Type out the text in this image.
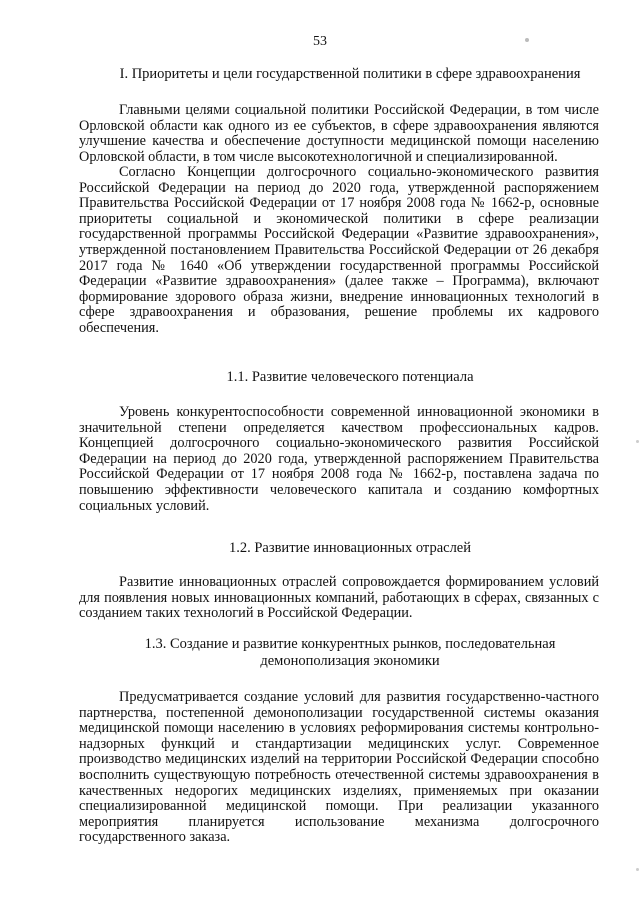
53
I. Приоритеты и цели государственной политики в сфере здравоохранения
Главными целями социальной политики Российской Федерации, в том числе Орловской области как одного из ее субъектов, в сфере здравоохранения являются улучшение качества и обеспечение доступности медицинской помощи населению Орловской области, в том числе высокотехнологичной и специализированной.
Согласно Концепции долгосрочного социально-экономического развития Российской Федерации на период до 2020 года, утвержденной распоряжением Правительства Российской Федерации от 17 ноября 2008 года № 1662-р, основные приоритеты социальной и экономической политики в сфере реализации государственной программы Российской Федерации «Развитие здравоохранения», утвержденной постановлением Правительства Российской Федерации от 26 декабря 2017 года № 1640 «Об утверждении государственной программы Российской Федерации «Развитие здравоохранения» (далее также – Программа), включают формирование здорового образа жизни, внедрение инновационных технологий в сфере здравоохранения и образования, решение проблемы их кадрового обеспечения.
1.1. Развитие человеческого потенциала
Уровень конкурентоспособности современной инновационной экономики в значительной степени определяется качеством профессиональных кадров. Концепцией долгосрочного социально-экономического развития Российской Федерации на период до 2020 года, утвержденной распоряжением Правительства Российской Федерации от 17 ноября 2008 года № 1662-р, поставлена задача по повышению эффективности человеческого капитала и созданию комфортных социальных условий.
1.2. Развитие инновационных отраслей
Развитие инновационных отраслей сопровождается формированием условий для появления новых инновационных компаний, работающих в сферах, связанных с созданием таких технологий в Российской Федерации.
1.3. Создание и развитие конкурентных рынков, последовательная
демонополизация экономики
Предусматривается создание условий для развития государственно-частного партнерства, постепенной демонополизации государственной системы оказания медицинской помощи населению в условиях реформирования системы контрольно-надзорных функций и стандартизации медицинских услуг. Современное производство медицинских изделий на территории Российской Федерации способно восполнить существующую потребность отечественной системы здравоохранения в качественных недорогих медицинских изделиях, применяемых при оказании специализированной медицинской помощи. При реализации указанного мероприятия планируется использование механизма долгосрочного государственного заказа.
